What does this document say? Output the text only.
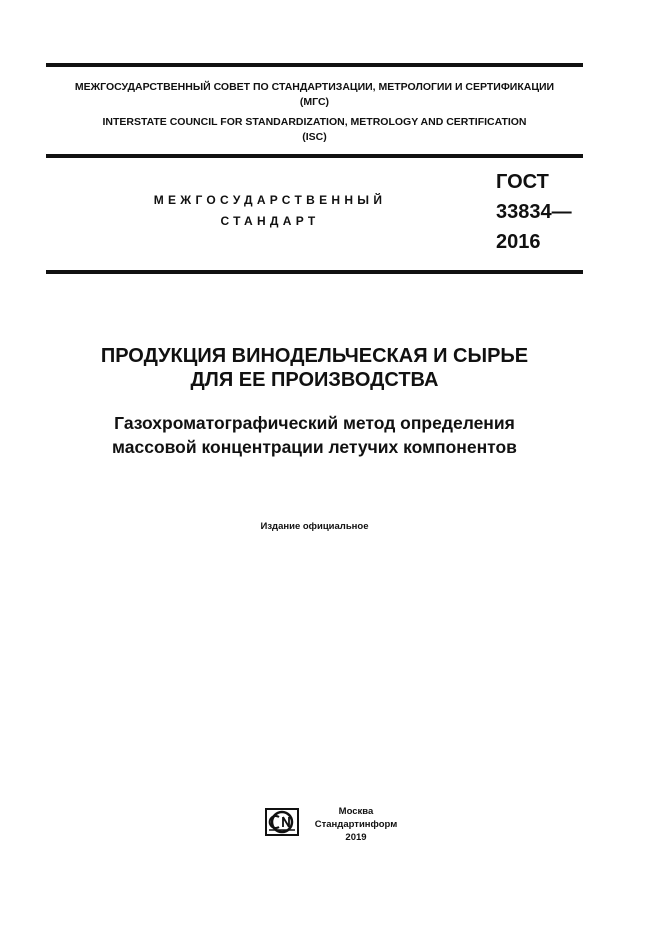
МЕЖГОСУДАРСТВЕННЫЙ СОВЕТ ПО СТАНДАРТИЗАЦИИ, МЕТРОЛОГИИ И СЕРТИФИКАЦИИ
(МГС)
INTERSTATE COUNCIL FOR STANDARDIZATION, METROLOGY AND CERTIFICATION
(ISC)
МЕЖГОСУДАРСТВЕННЫЙ
СТАНДАРТ
ГОСТ
33834—
2016
ПРОДУКЦИЯ ВИНОДЕЛЬЧЕСКАЯ И СЫРЬЕ
ДЛЯ ЕЕ ПРОИЗВОДСТВА
Газохроматографический метод определения
массовой концентрации летучих компонентов
Издание официальное
Москва
Стандартинформ
2019
